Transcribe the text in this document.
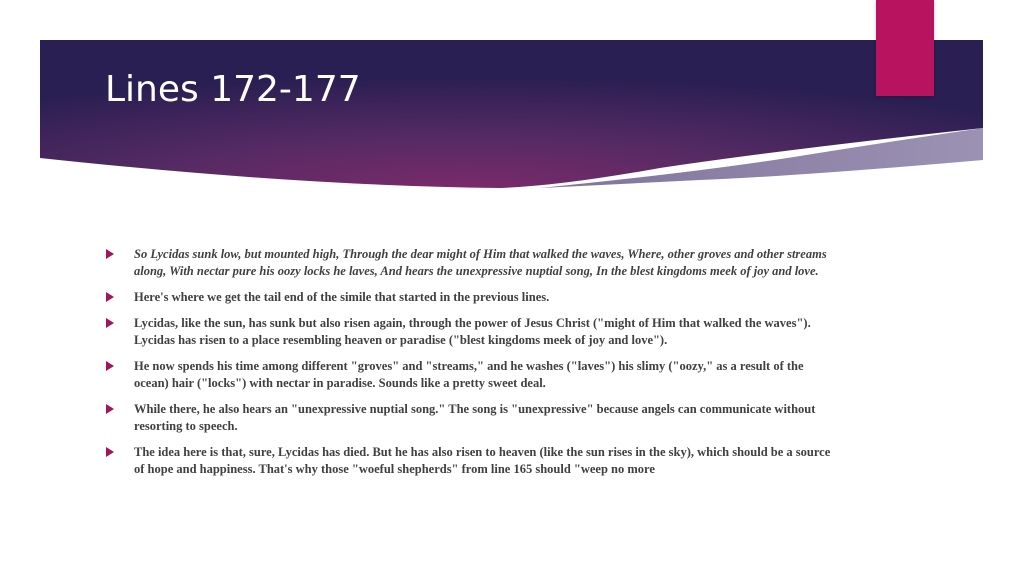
Lines 172-177
So Lycidas sunk low, but mounted high, Through the dear might of Him that walked the waves, Where, other groves and other streams along, With nectar pure his oozy locks he laves, And hears the unexpressive nuptial song, In the blest kingdoms meek of joy and love.
Here's where we get the tail end of the simile that started in the previous lines.
Lycidas, like the sun, has sunk but also risen again, through the power of Jesus Christ ("might of Him that walked the waves"). Lycidas has risen to a place resembling heaven or paradise ("blest kingdoms meek of joy and love").
He now spends his time among different "groves" and "streams," and he washes ("laves") his slimy ("oozy," as a result of the ocean) hair ("locks") with nectar in paradise. Sounds like a pretty sweet deal.
While there, he also hears an "unexpressive nuptial song." The song is "unexpressive" because angels can communicate without resorting to speech.
The idea here is that, sure, Lycidas has died. But he has also risen to heaven (like the sun rises in the sky), which should be a source of hope and happiness. That's why those "woeful shepherds" from line 165 should "weep no more
